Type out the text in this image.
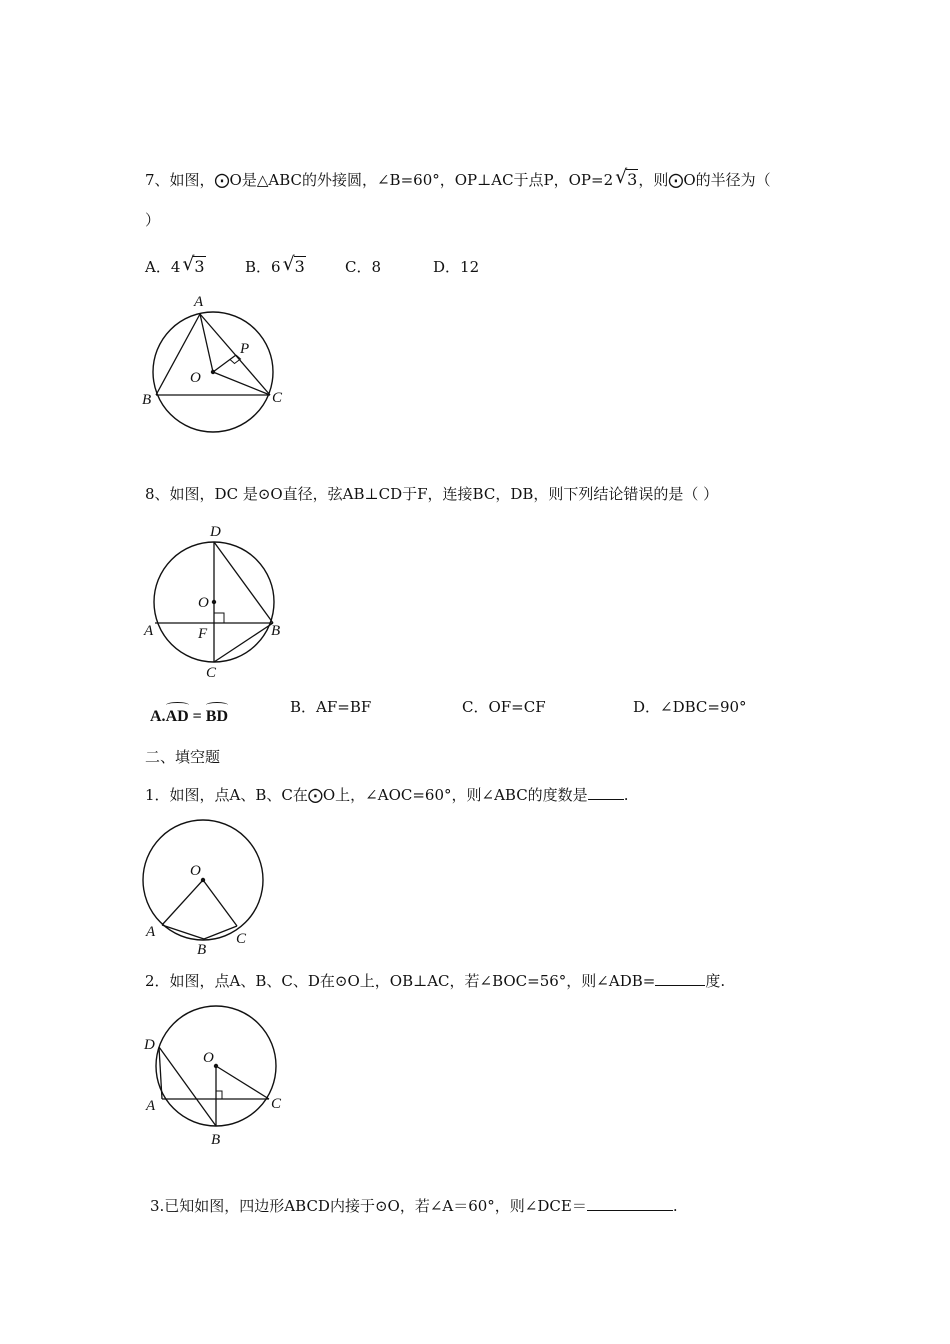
7、如图，⨀O是△ABC的外接圆，∠B=60°，OP⊥AC于点P，OP=2 √ 3，则⨀O的半径为（
）
A．4 √ 3	B．6 √ 3	C．8	D．12
A
B	C
O
P
8、如图，DC 是⊙O直径，弦AB⊥CD于F，连接BC，DB，则下列结论错误的是（ ）
D
O
A	F	B
C
A.AD = BD
B．AF=BF	C．OF=CF	D．∠DBC=90°
二、填空题
1．如图，点A、B、C在⨀O上，∠AOC=60°，则∠ABC的度数是 .
O
A
B
C
2．如图，点A、B、C、D在⊙O上，OB⊥AC，若∠BOC=56°，则∠ADB=	度.
D
O
A	C
B
3.已知如图，四边形ABCD内接于⊙O，若∠A＝60°，则∠DCE＝	.
